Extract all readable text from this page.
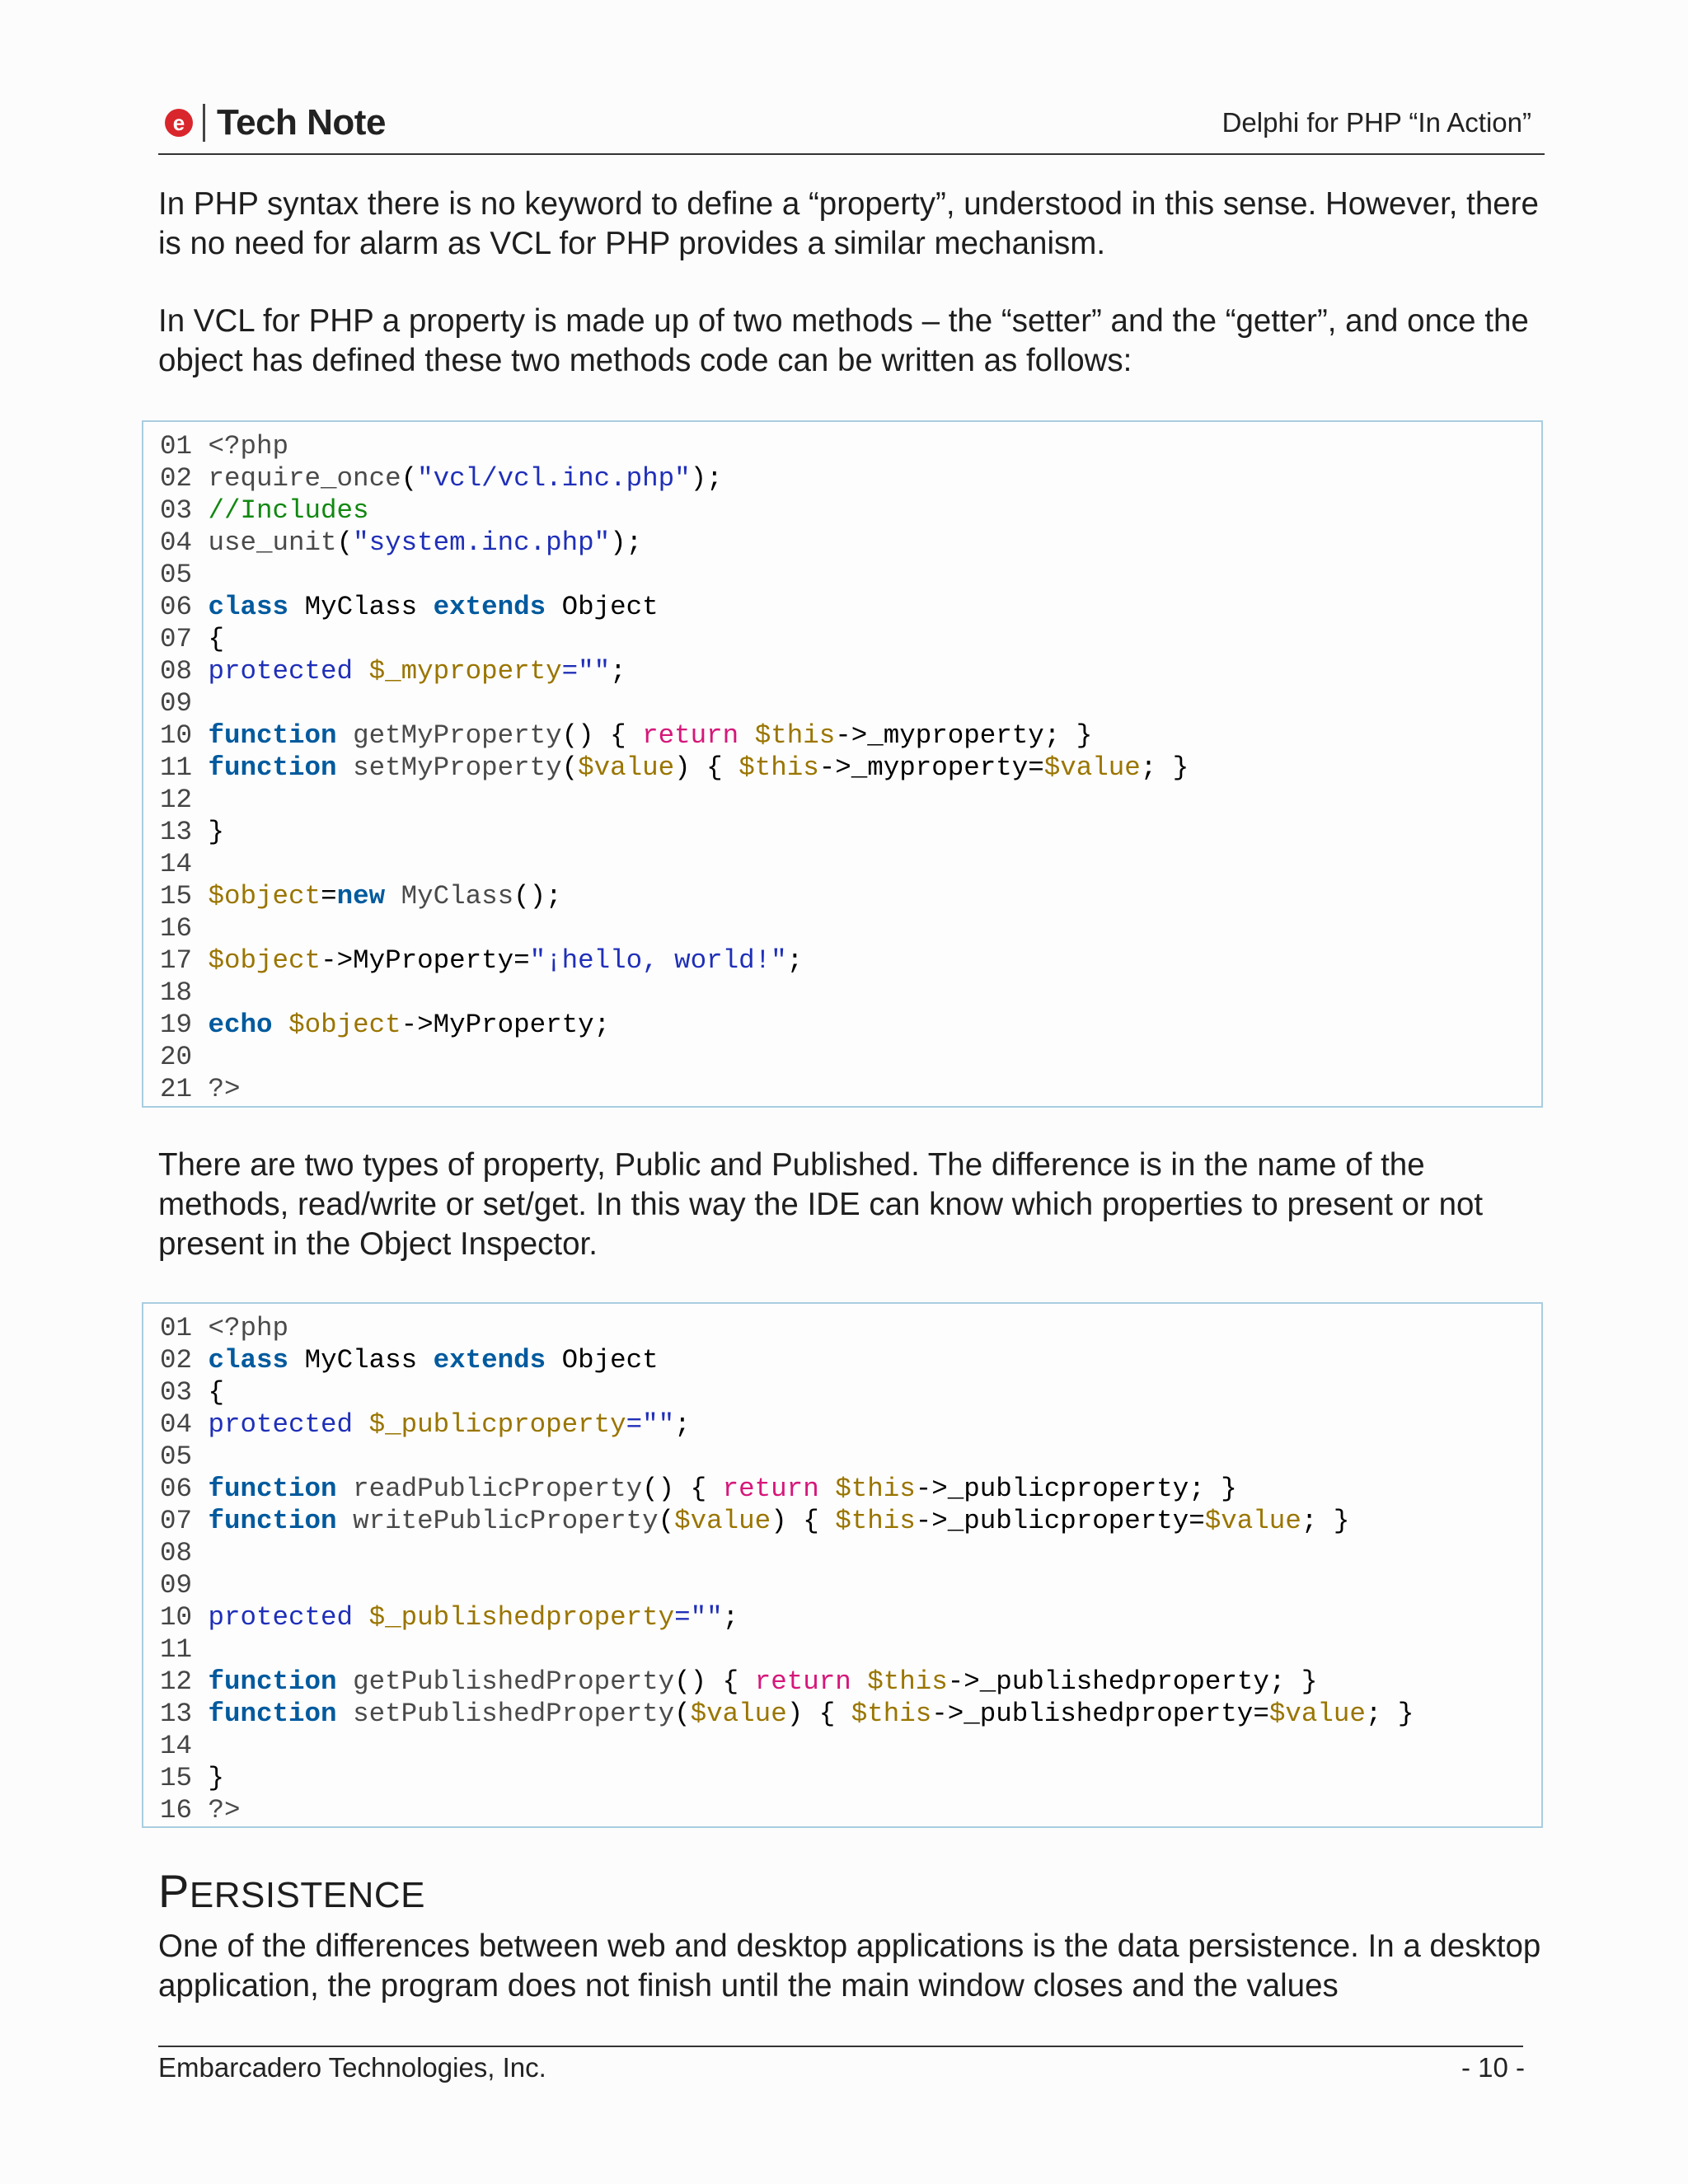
e Tech Note	Delphi for PHP “In Action”

In PHP syntax there is no keyword to define a “property”, understood in this sense. However, there is no need for alarm as VCL for PHP provides a similar mechanism.

In VCL for PHP a property is made up of two methods – the “setter” and the “getter”, and once the object has defined these two methods code can be written as follows:

01 <?php
02 require_once("vcl/vcl.inc.php");
03 //Includes
04 use_unit("system.inc.php");
05
06 class MyClass extends Object
07 {
08 protected $_myproperty="";
09
10 function getMyProperty() { return $this->_myproperty; }
11 function setMyProperty($value) { $this->_myproperty=$value; }
12
13 }
14
15 $object=new MyClass();
16
17 $object->MyProperty="¡hello, world!";
18
19 echo $object->MyProperty;
20
21 ?>

There are two types of property, Public and Published. The difference is in the name of the methods, read/write or set/get. In this way the IDE can know which properties to present or not present in the Object Inspector.

01 <?php
02 class MyClass extends Object
03 {
04 protected $_publicproperty="";
05
06 function readPublicProperty() { return $this->_publicproperty; }
07 function writePublicProperty($value) { $this->_publicproperty=$value; }
08
09
10 protected $_publishedproperty="";
11
12 function getPublishedProperty() { return $this->_publishedproperty; }
13 function setPublishedProperty($value) { $this->_publishedproperty=$value; }
14
15 }
16 ?>
PERSISTENCE

One of the differences between web and desktop applications is the data persistence. In a desktop application, the program does not finish until the main window closes and the values

Embarcadero Technologies, Inc.	- 10 -
